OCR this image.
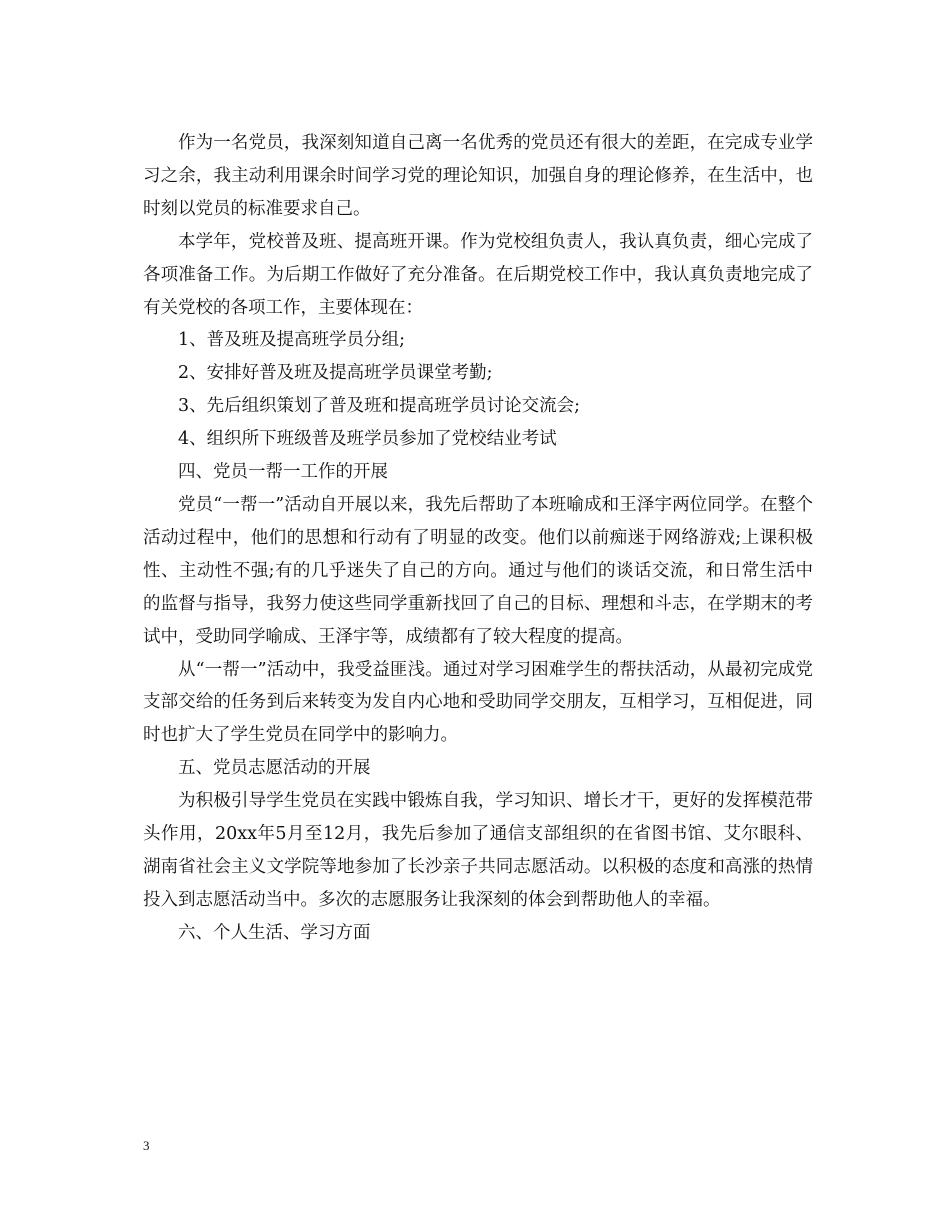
作为一名党员，我深刻知道自己离一名优秀的党员还有很大的差距，在完成专业学习之余，我主动利用课余时间学习党的理论知识，加强自身的理论修养，在生活中，也时刻以党员的标准要求自己。

本学年，党校普及班、提高班开课。作为党校组负责人，我认真负责，细心完成了各项准备工作。为后期工作做好了充分准备。在后期党校工作中，我认真负责地完成了有关党校的各项工作，主要体现在：

1、普及班及提高班学员分组;

2、安排好普及班及提高班学员课堂考勤;

3、先后组织策划了普及班和提高班学员讨论交流会;

4、组织所下班级普及班学员参加了党校结业考试

四、党员一帮一工作的开展

党员“一帮一”活动自开展以来，我先后帮助了本班喻成和王泽宇两位同学。在整个活动过程中，他们的思想和行动有了明显的改变。他们以前痴迷于网络游戏;上课积极性、主动性不强;有的几乎迷失了自己的方向。通过与他们的谈话交流，和日常生活中的监督与指导，我努力使这些同学重新找回了自己的目标、理想和斗志，在学期末的考试中，受助同学喻成、王泽宇等，成绩都有了较大程度的提高。

从“一帮一”活动中，我受益匪浅。通过对学习困难学生的帮扶活动，从最初完成党支部交给的任务到后来转变为发自内心地和受助同学交朋友，互相学习，互相促进，同时也扩大了学生党员在同学中的影响力。

五、党员志愿活动的开展

为积极引导学生党员在实践中锻炼自我，学习知识、增长才干，更好的发挥模范带头作用，20xx年5月至12月，我先后参加了通信支部组织的在省图书馆、艾尔眼科、湖南省社会主义文学院等地参加了长沙亲子共同志愿活动。以积极的态度和高涨的热情投入到志愿活动当中。多次的志愿服务让我深刻的体会到帮助他人的幸福。

六、个人生活、学习方面

3
